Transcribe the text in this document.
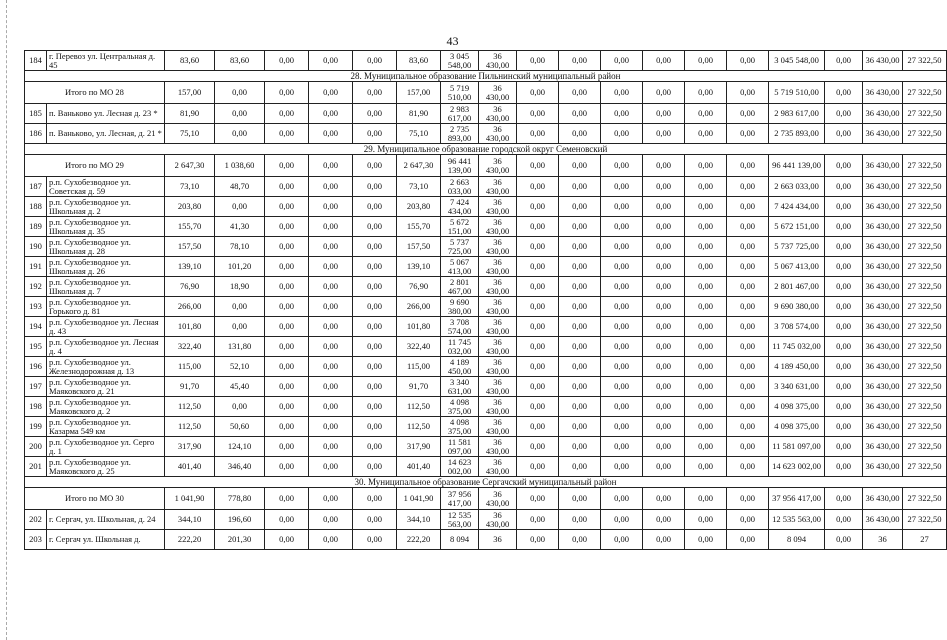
43
184	г. Перевоз ул. Центральная д. 45	83,60	83,60	0,00	0,00	0,00	83,60	3 045 548,00	36 430,00	0,00	0,00	0,00	0,00	0,00	0,00	3 045 548,00	0,00	36 430,00	27 322,50
28. Муниципальное образование Пильнинский муниципальный район																			
Итого по МО 28		157,00	0,00	0,00	0,00	0,00	157,00	5 719 510,00	36 430,00	0,00	0,00	0,00	0,00	0,00	0,00	5 719 510,00	0,00	36 430,00	27 322,50
185	п. Ваньково ул. Лесная д. 23 *	81,90	0,00	0,00	0,00	0,00	81,90	2 983 617,00	36 430,00	0,00	0,00	0,00	0,00	0,00	0,00	2 983 617,00	0,00	36 430,00	27 322,50
186	п. Ваньково, ул. Лесная, д. 21 *	75,10	0,00	0,00	0,00	0,00	75,10	2 735 893,00	36 430,00	0,00	0,00	0,00	0,00	0,00	0,00	2 735 893,00	0,00	36 430,00	27 322,50
29. Муниципальное образование городской округ Семеновский																			
Итого по МО 29		2 647,30	1 038,60	0,00	0,00	0,00	2 647,30	96 441 139,00	36 430,00	0,00	0,00	0,00	0,00	0,00	0,00	96 441 139,00	0,00	36 430,00	27 322,50
187	р.п. Сухобезводное ул. Советская д. 59	73,10	48,70	0,00	0,00	0,00	73,10	2 663 033,00	36 430,00	0,00	0,00	0,00	0,00	0,00	0,00	2 663 033,00	0,00	36 430,00	27 322,50
188	р.п. Сухобезводное ул. Школьная д. 2	203,80	0,00	0,00	0,00	0,00	203,80	7 424 434,00	36 430,00	0,00	0,00	0,00	0,00	0,00	0,00	7 424 434,00	0,00	36 430,00	27 322,50
189	р.п. Сухобезводное ул. Школьная д. 35	155,70	41,30	0,00	0,00	0,00	155,70	5 672 151,00	36 430,00	0,00	0,00	0,00	0,00	0,00	0,00	5 672 151,00	0,00	36 430,00	27 322,50
190	р.п. Сухобезводное ул. Школьная д. 28	157,50	78,10	0,00	0,00	0,00	157,50	5 737 725,00	36 430,00	0,00	0,00	0,00	0,00	0,00	0,00	5 737 725,00	0,00	36 430,00	27 322,50
191	р.п. Сухобезводное ул. Школьная д. 26	139,10	101,20	0,00	0,00	0,00	139,10	5 067 413,00	36 430,00	0,00	0,00	0,00	0,00	0,00	0,00	5 067 413,00	0,00	36 430,00	27 322,50
192	р.п. Сухобезводное ул. Школьная д. 7	76,90	18,90	0,00	0,00	0,00	76,90	2 801 467,00	36 430,00	0,00	0,00	0,00	0,00	0,00	0,00	2 801 467,00	0,00	36 430,00	27 322,50
193	р.п. Сухобезводное ул. Горького д. 81	266,00	0,00	0,00	0,00	0,00	266,00	9 690 380,00	36 430,00	0,00	0,00	0,00	0,00	0,00	0,00	9 690 380,00	0,00	36 430,00	27 322,50
194	р.п. Сухобезводное ул. Лесная д. 43	101,80	0,00	0,00	0,00	0,00	101,80	3 708 574,00	36 430,00	0,00	0,00	0,00	0,00	0,00	0,00	3 708 574,00	0,00	36 430,00	27 322,50
195	р.п. Сухобезводное ул. Лесная д. 4	322,40	131,80	0,00	0,00	0,00	322,40	11 745 032,00	36 430,00	0,00	0,00	0,00	0,00	0,00	0,00	11 745 032,00	0,00	36 430,00	27 322,50
196	р.п. Сухобезводное ул. Железнодорожная д. 13	115,00	52,10	0,00	0,00	0,00	115,00	4 189 450,00	36 430,00	0,00	0,00	0,00	0,00	0,00	0,00	4 189 450,00	0,00	36 430,00	27 322,50
197	р.п. Сухобезводное ул. Маяковского д. 21	91,70	45,40	0,00	0,00	0,00	91,70	3 340 631,00	36 430,00	0,00	0,00	0,00	0,00	0,00	0,00	3 340 631,00	0,00	36 430,00	27 322,50
198	р.п. Сухобезводное ул. Маяковского д. 2	112,50	0,00	0,00	0,00	0,00	112,50	4 098 375,00	36 430,00	0,00	0,00	0,00	0,00	0,00	0,00	4 098 375,00	0,00	36 430,00	27 322,50
199	р.п. Сухобезводное ул. Казарма 549 км	112,50	50,60	0,00	0,00	0,00	112,50	4 098 375,00	36 430,00	0,00	0,00	0,00	0,00	0,00	0,00	4 098 375,00	0,00	36 430,00	27 322,50
200	р.п. Сухобезводное ул. Серго д. 1	317,90	124,10	0,00	0,00	0,00	317,90	11 581 097,00	36 430,00	0,00	0,00	0,00	0,00	0,00	0,00	11 581 097,00	0,00	36 430,00	27 322,50
201	р.п. Сухобезводное ул. Маяковского д. 25	401,40	346,40	0,00	0,00	0,00	401,40	14 623 002,00	36 430,00	0,00	0,00	0,00	0,00	0,00	0,00	14 623 002,00	0,00	36 430,00	27 322,50
30. Муниципальное образование Сергачский муниципальный район																			
Итого по МО 30		1 041,90	778,80	0,00	0,00	0,00	1 041,90	37 956 417,00	36 430,00	0,00	0,00	0,00	0,00	0,00	0,00	37 956 417,00	0,00	36 430,00	27 322,50
202	г. Сергач, ул. Школьная, д. 24	344,10	196,60	0,00	0,00	0,00	344,10	12 535 563,00	36 430,00	0,00	0,00	0,00	0,00	0,00	0,00	12 535 563,00	0,00	36 430,00	27 322,50
203	г. Сергач ул. Школьная д.	222,20	201,30	0,00	0,00	0,00	222,20	8 094	36	0,00	0,00	0,00	0,00	0,00	0,00	8 094	0,00	36	27
